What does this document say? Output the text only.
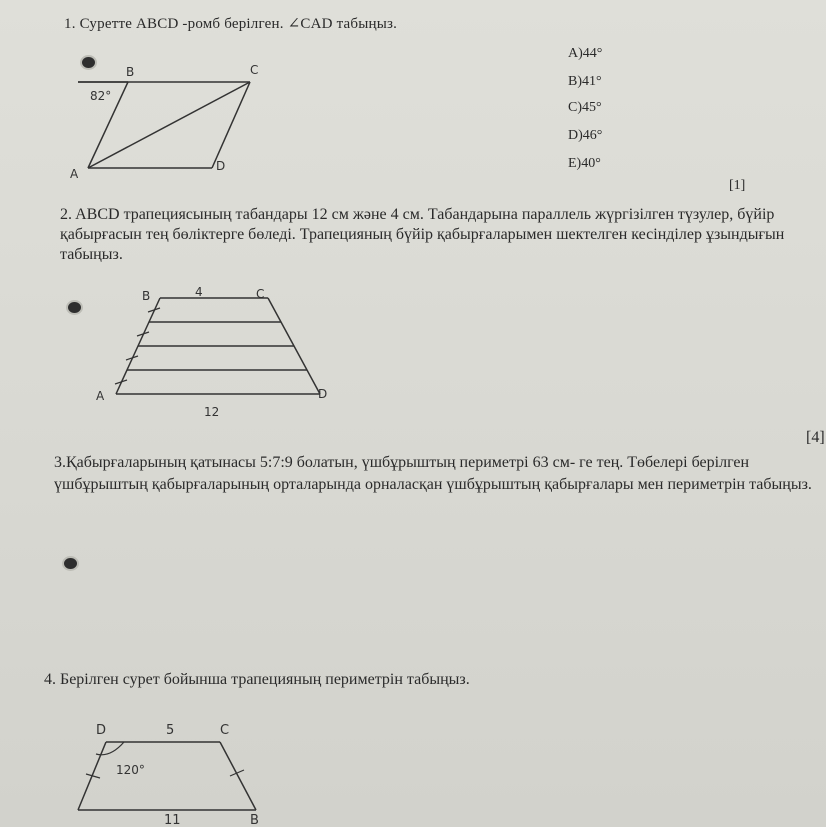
1. Суретте ABCD -ромб берілген. ∠CAD табыңыз.
B	C
A
D
82°
A)44°
B)41°
C)45°
D)46°
E)40°
[1]
2. ABCD трапециясының табандары 12 см және 4 см. Табандарына параллель жүргізілген түзулер, бүйір қабырғасын тең бөліктерге бөледі. Трапецияның бүйір қабырғаларымен шектелген кесінділер ұзындығын табыңыз.
B	4	C
A	D
12
[4]
3.Қабырғаларының қатынасы 5:7:9 болатын, үшбұрыштың периметрі 63 см- ге тең. Төбелері берілген үшбұрыштың қабырғаларының орталарында орналасқан үшбұрыштың қабырғалары мен периметрін табыңыз.
4. Берілген сурет бойынша трапецияның периметрін табыңыз.
D	5	C
120°
11	B
